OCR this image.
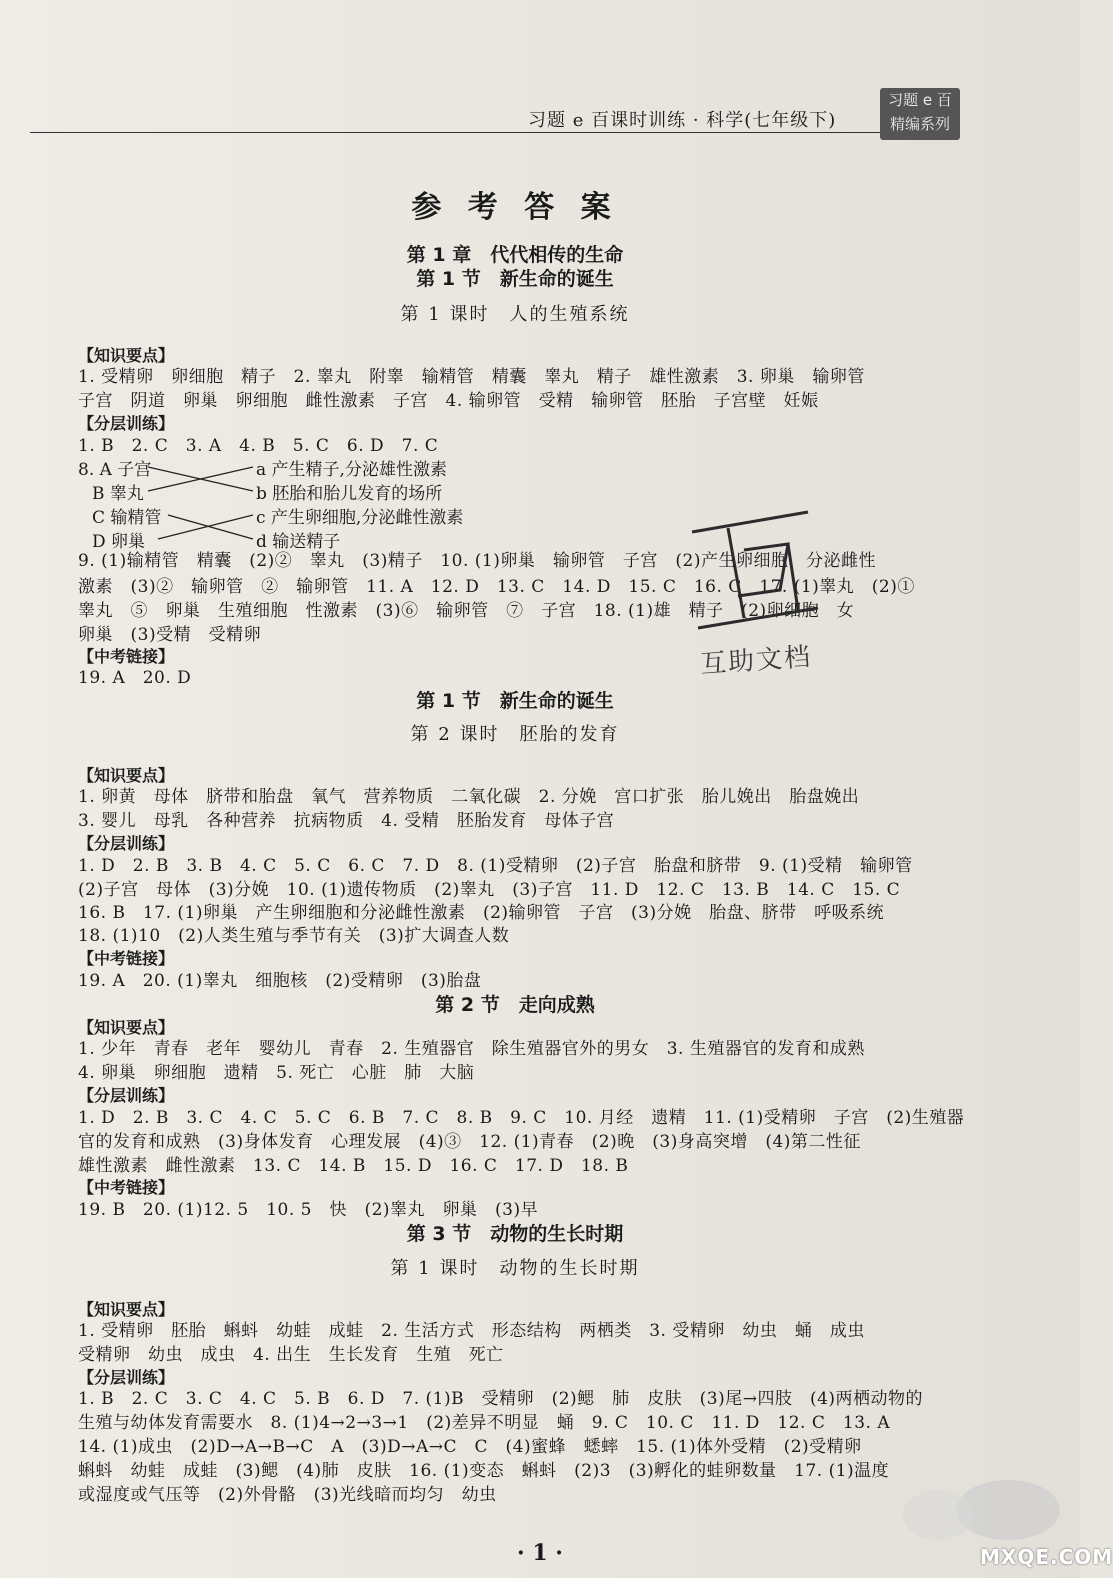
习题 e 百课时训练 · 科学(七年级下)
习题 e 百
精编系列
参 考 答 案
第 1 章　代代相传的生命
第 1 节　新生命的诞生
第 1 课时　人的生殖系统
【知识要点】
1. 受精卵　卵细胞　精子　2. 睾丸　附睾　输精管　精囊　睾丸　精子　雄性激素　3. 卵巢　输卵管
子宫　阴道　卵巢　卵细胞　雌性激素　子宫　4. 输卵管　受精　输卵管　胚胎　子宫壁　妊娠
【分层训练】
1. B　2. C　3. A　4. B　5. C　6. D　7. C
8. A 子宫
B 睾丸
C 输精管
D 卵巢
a 产生精子,分泌雄性激素
b 胚胎和胎儿发育的场所
c 产生卵细胞,分泌雌性激素
d 输送精子
9. (1)输精管　精囊　(2)②　睾丸　(3)精子　10. (1)卵巢　输卵管　子宫　(2)产生卵细胞　分泌雌性
激素　(3)②　输卵管　②　输卵管　11. A　12. D　13. C　14. D　15. C　16. C　17. (1)睾丸　(2)①
睾丸　⑤　卵巢　生殖细胞　性激素　(3)⑥　输卵管　⑦　子宫　18. (1)雄　精子　(2)卵细胞　女
卵巢　(3)受精　受精卵
【中考链接】
19. A　20. D	互助文档
第 1 节　新生命的诞生
第 2 课时　胚胎的发育
【知识要点】
1. 卵黄　母体　脐带和胎盘　氧气　营养物质　二氧化碳　2. 分娩　宫口扩张　胎儿娩出　胎盘娩出
3. 婴儿　母乳　各种营养　抗病物质　4. 受精　胚胎发育　母体子宫
【分层训练】
1. D　2. B　3. B　4. C　5. C　6. C　7. D　8. (1)受精卵　(2)子宫　胎盘和脐带　9. (1)受精　输卵管
(2)子宫　母体　(3)分娩　10. (1)遗传物质　(2)睾丸　(3)子宫　11. D　12. C　13. B　14. C　15. C
16. B　17. (1)卵巢　产生卵细胞和分泌雌性激素　(2)输卵管　子宫　(3)分娩　胎盘、脐带　呼吸系统
18. (1)10　(2)人类生殖与季节有关　(3)扩大调查人数
【中考链接】
19. A　20. (1)睾丸　细胞核　(2)受精卵　(3)胎盘
第 2 节　走向成熟
【知识要点】
1. 少年　青春　老年　婴幼儿　青春　2. 生殖器官　除生殖器官外的男女　3. 生殖器官的发育和成熟
4. 卵巢　卵细胞　遗精　5. 死亡　心脏　肺　大脑
【分层训练】
1. D　2. B　3. C　4. C　5. C　6. B　7. C　8. B　9. C　10. 月经　遗精　11. (1)受精卵　子宫　(2)生殖器
官的发育和成熟　(3)身体发育　心理发展　(4)③　12. (1)青春　(2)晚　(3)身高突增　(4)第二性征
雄性激素　雌性激素　13. C　14. B　15. D　16. C　17. D　18. B
【中考链接】
19. B　20. (1)12. 5　10. 5　快　(2)睾丸　卵巢　(3)早
第 3 节　动物的生长时期
第 1 课时　动物的生长时期
【知识要点】
1. 受精卵　胚胎　蝌蚪　幼蛙　成蛙　2. 生活方式　形态结构　两栖类　3. 受精卵　幼虫　蛹　成虫
受精卵　幼虫　成虫　4. 出生　生长发育　生殖　死亡
【分层训练】
1. B　2. C　3. C　4. C　5. B　6. D　7. (1)B　受精卵　(2)鳃　肺　皮肤　(3)尾→四肢　(4)两栖动物的
生殖与幼体发育需要水　8. (1)4→2→3→1　(2)差异不明显　蛹　9. C　10. C　11. D　12. C　13. A
14. (1)成虫　(2)D→A→B→C　A　(3)D→A→C　C　(4)蜜蜂　蟋蟀　15. (1)体外受精　(2)受精卵
蝌蚪　幼蛙　成蛙　(3)鳃　(4)肺　皮肤　16. (1)变态　蝌蚪　(2)3　(3)孵化的蛙卵数量　17. (1)温度
或湿度或气压等　(2)外骨骼　(3)光线暗而均匀　幼虫
· 1 ·	MXQE.COM
